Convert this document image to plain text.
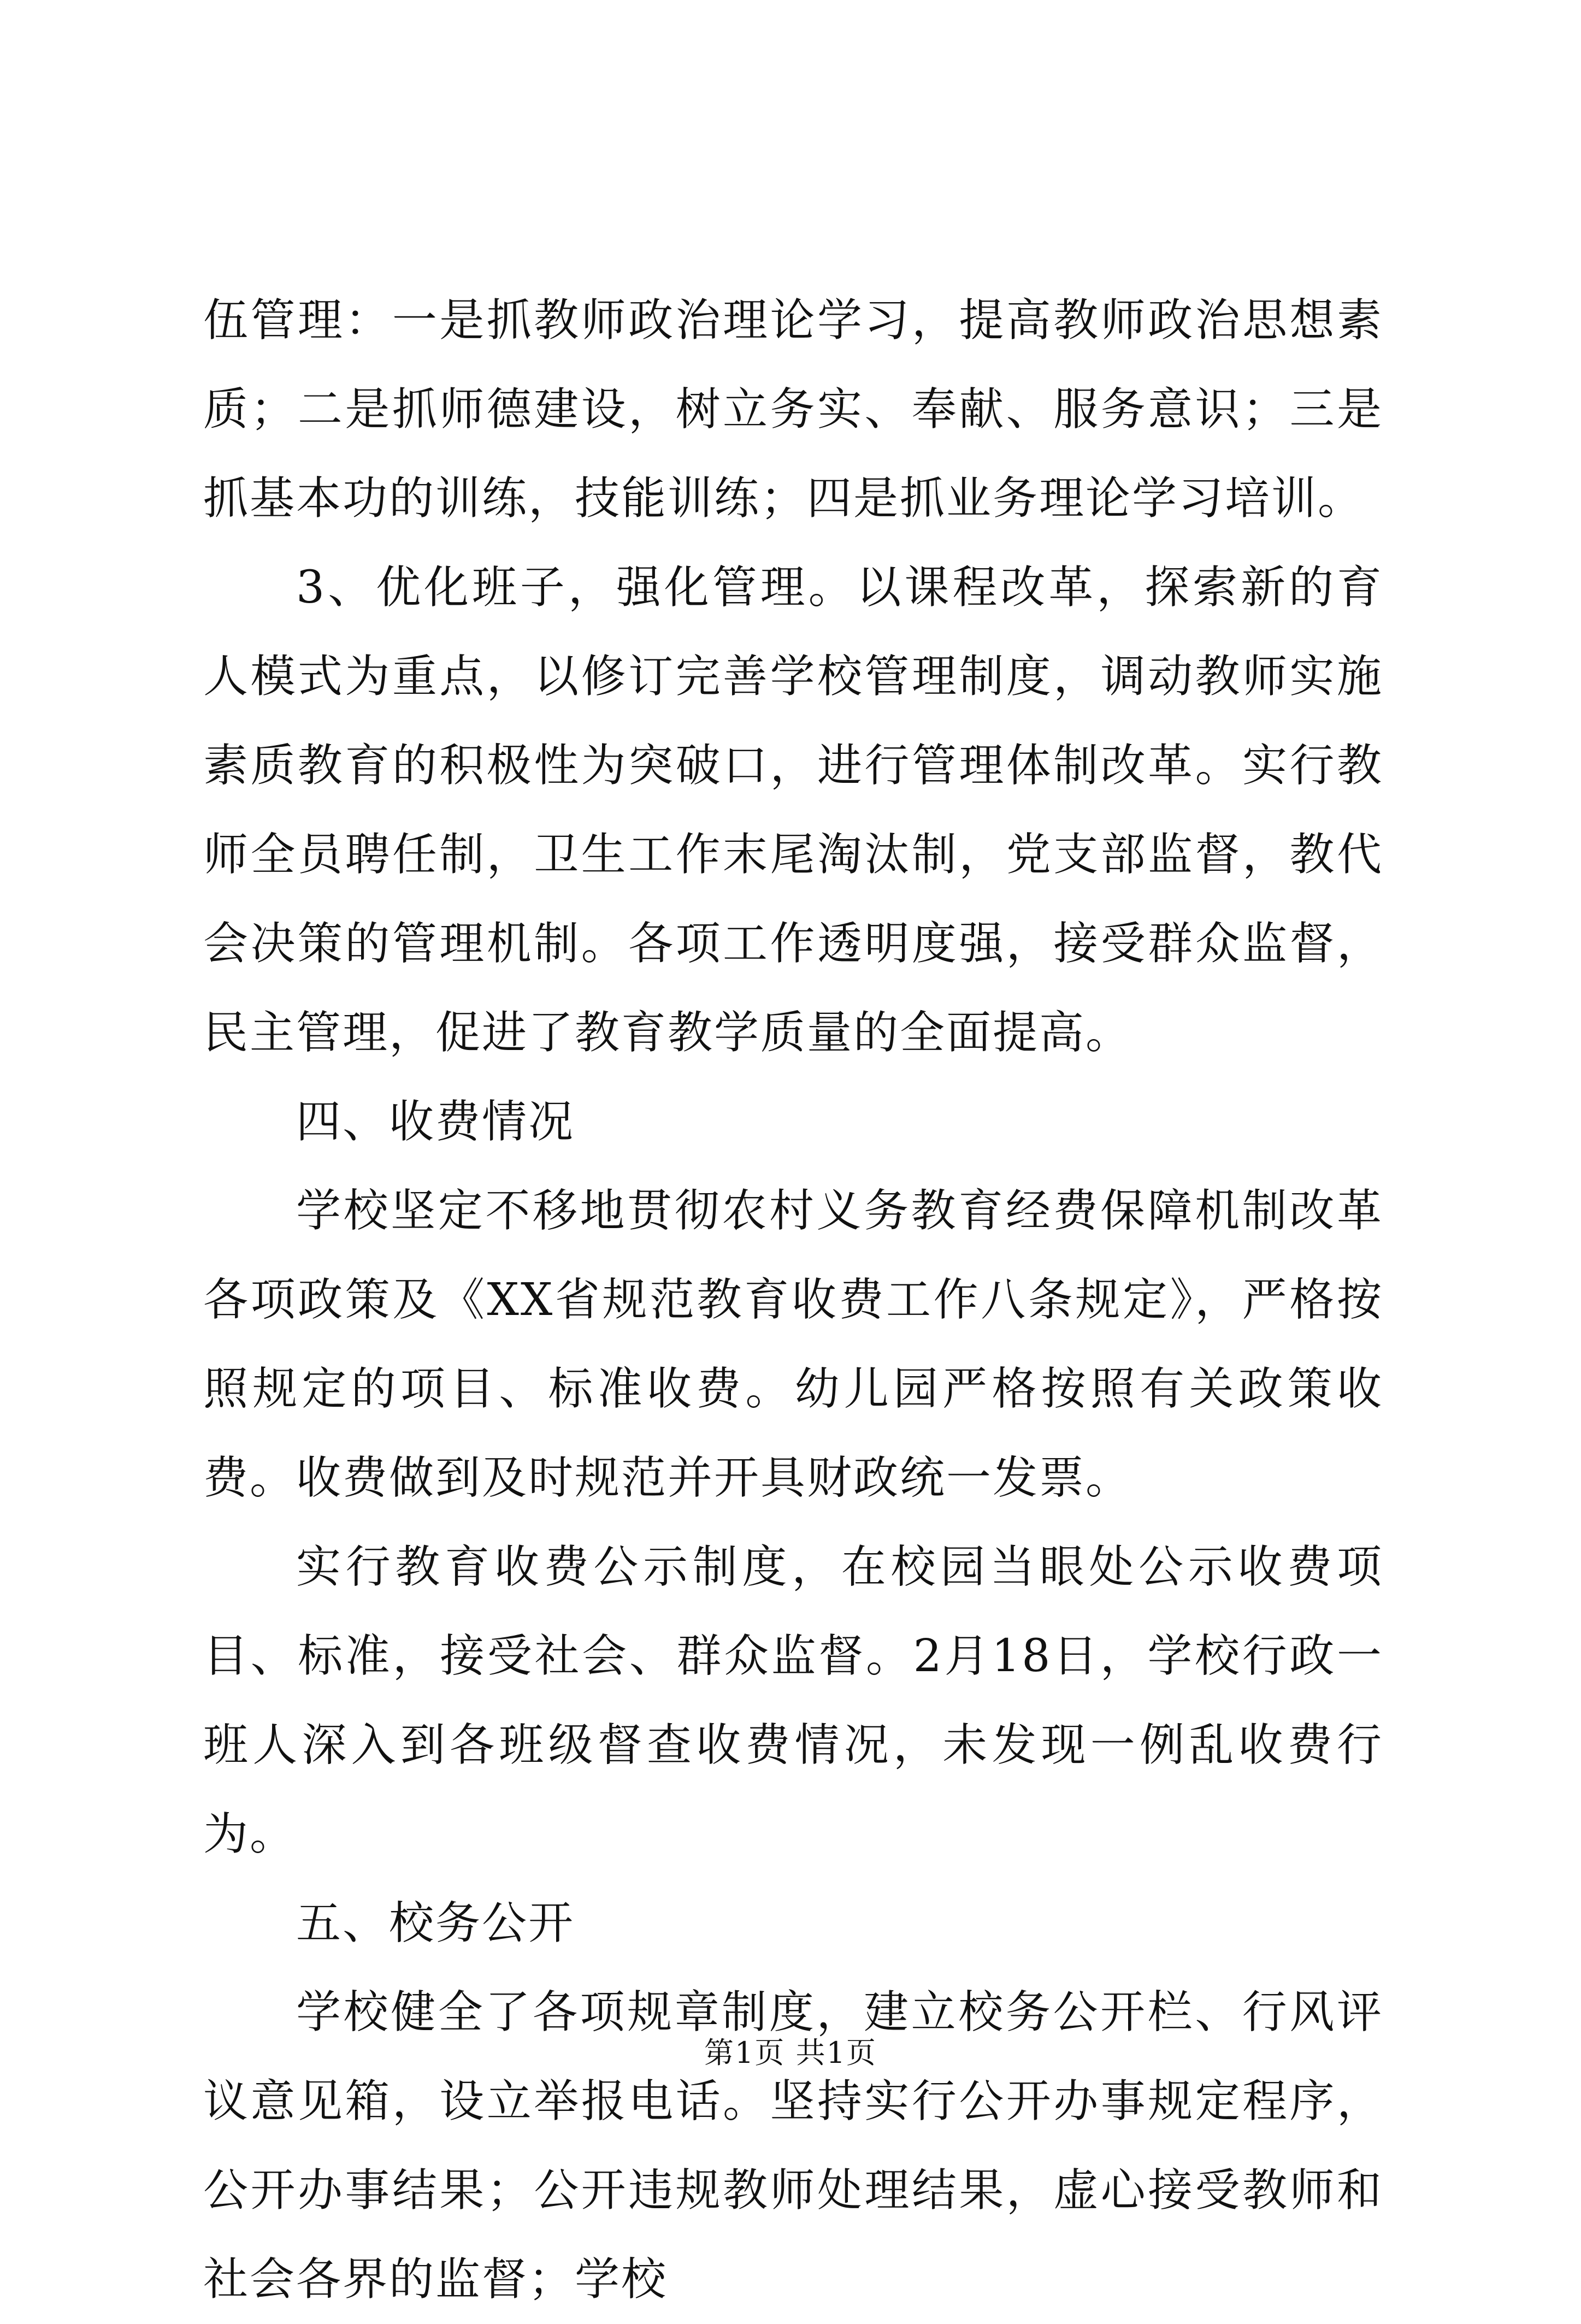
伍管理：一是抓教师政治理论学习，提高教师政治思想素质；二是抓师德建设，树立务实、奉献、服务意识；三是抓基本功的训练，技能训练；四是抓业务理论学习培训。

3、优化班子，强化管理。以课程改革，探索新的育人模式为重点，以修订完善学校管理制度，调动教师实施素质教育的积极性为突破口，进行管理体制改革。实行教师全员聘任制，卫生工作末尾淘汰制，党支部监督，教代会决策的管理机制。各项工作透明度强，接受群众监督，民主管理，促进了教育教学质量的全面提高。

四、收费情况

学校坚定不移地贯彻农村义务教育经费保障机制改革各项政策及《XX省规范教育收费工作八条规定》，严格按照规定的项目、标准收费。幼儿园严格按照有关政策收费。收费做到及时规范并开具财政统一发票。

实行教育收费公示制度，在校园当眼处公示收费项目、标准，接受社会、群众监督。2月18日，学校行政一班人深入到各班级督查收费情况，未发现一例乱收费行为。

五、校务公开

学校健全了各项规章制度，建立校务公开栏、行风评议意见箱，设立举报电话。坚持实行公开办事规定程序，公开办事结果；公开违规教师处理结果，虚心接受教师和社会各界的监督；学校

第1页 共1页
